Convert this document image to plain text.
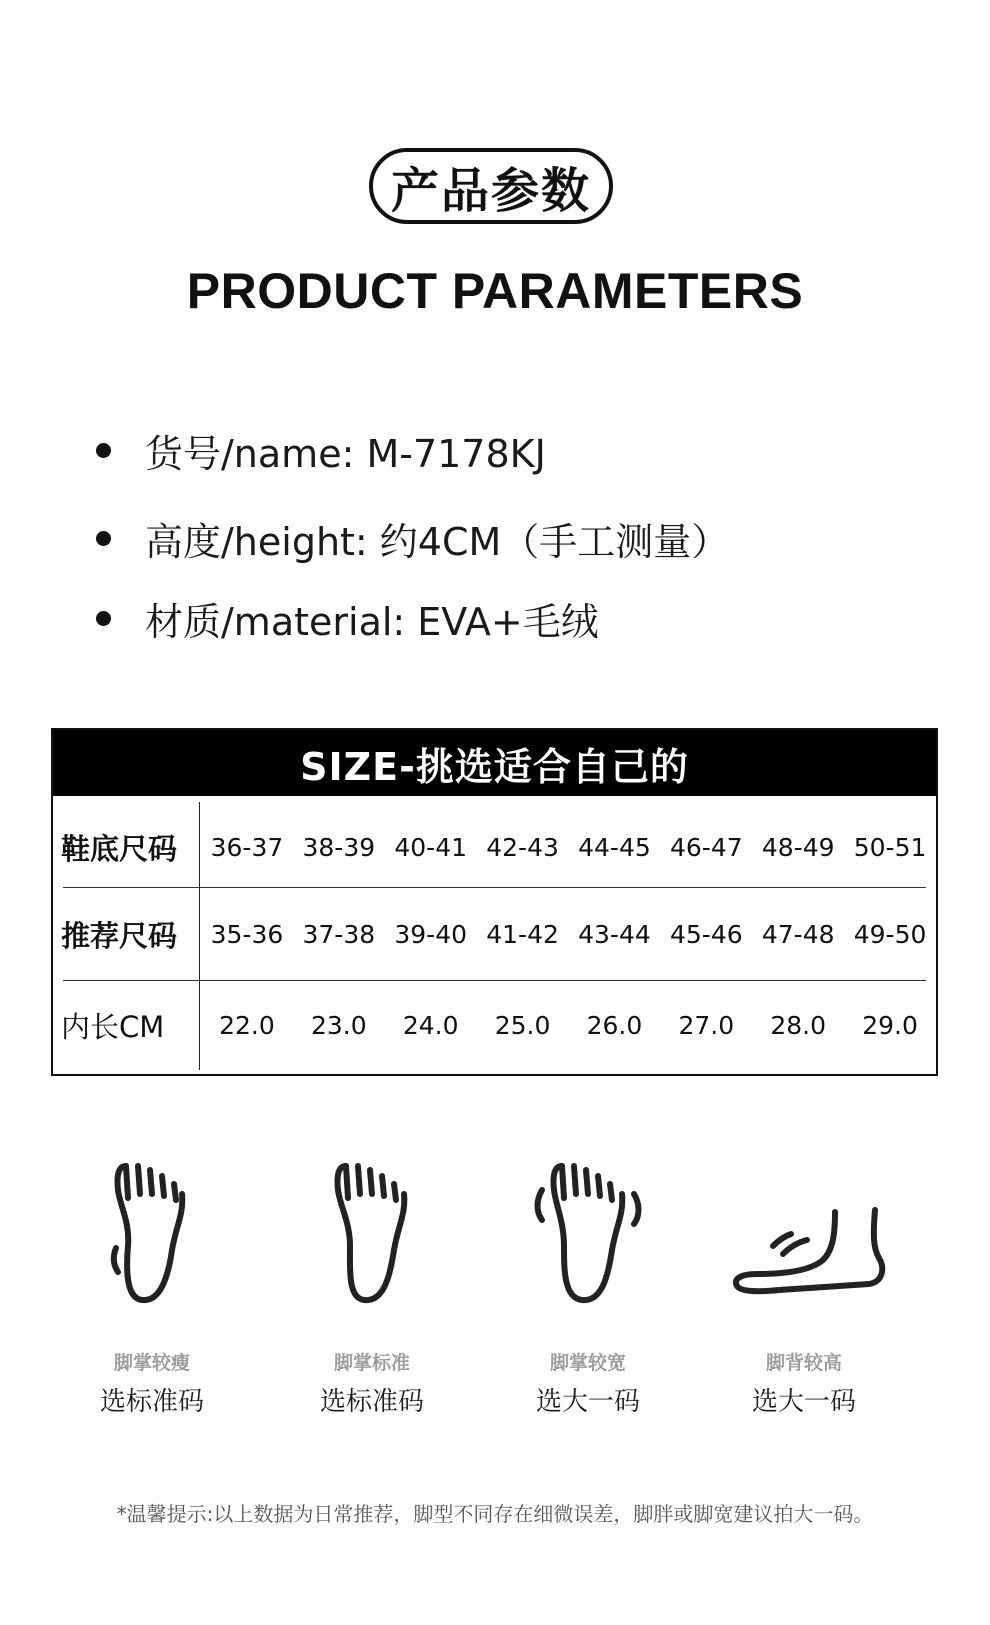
产品参数
PRODUCT PARAMETERS
货号/name: M-7178KJ
高度/height: 约4CM（手工测量）
材质/material: EVA+毛绒
SIZE-挑选适合自己的
鞋底尺码	36-37 38-39 40-41 42-43 44-45 46-47 48-49 50-51
推荐尺码	35-36 37-38 39-40 41-42 43-44 45-46 47-48 49-50
内长CM	22.0	23.0	24.0	25.0	26.0	27.0	28.0	29.0
脚掌较瘦
选标准码
脚掌标准
选标准码
脚掌较宽
选大一码
脚背较高
选大一码
*温馨提示:以上数据为日常推荐，脚型不同存在细微误差，脚胖或脚宽建议拍大一码。
